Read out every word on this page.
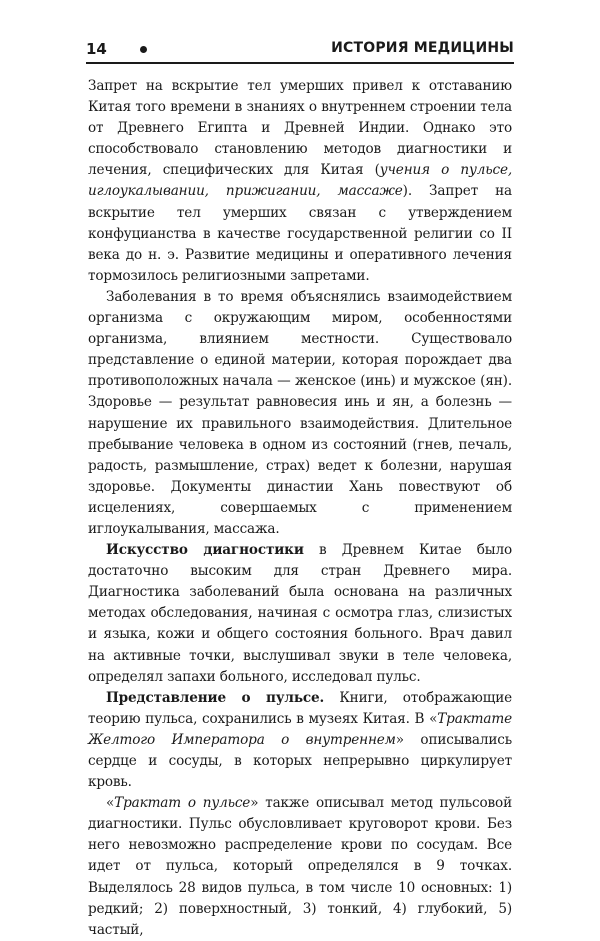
14	ИСТОРИЯ МЕДИЦИНЫ

Запрет на вскрытие тел умерших привел к отставанию Китая того времени в знаниях о внутреннем строении тела от Древнего Египта и Древней Индии. Однако это способствовало становлению методов диагностики и лечения, специфических для Китая (учения о пульсе, иглоукалывании, прижигании, массаже). Запрет на вскрытие тел умерших связан с утверждением конфуцианства в качестве государственной религии со II века до н. э. Развитие медицины и оперативного лечения тормозилось религиозными запретами.

Заболевания в то время объяснялись взаимодействием организма с окружающим миром, особенностями организма, влиянием местности. Существовало представление о единой материи, которая порождает два противоположных начала — женское (инь) и мужское (ян). Здоровье — результат равновесия инь и ян, а болезнь — нарушение их правильного взаимодействия. Длительное пребывание человека в одном из состояний (гнев, печаль, радость, размышление, страх) ведет к болезни, нарушая здоровье. Документы династии Хань повествуют об исцелениях, совершаемых с применением иглоукалывания, массажа.

Искусство диагностики в Древнем Китае было достаточно высоким для стран Древнего мира. Диагностика заболеваний была основана на различных методах обследования, начиная с осмотра глаз, слизистых и языка, кожи и общего состояния больного. Врач давил на активные точки, выслушивал звуки в теле человека, определял запахи больного, исследовал пульс.

Представление о пульсе. Книги, отображающие теорию пульса, сохранились в музеях Китая. В «Трактате Желтого Императора о внутреннем» описывались сердце и сосуды, в которых непрерывно циркулирует кровь.

«Трактат о пульсе» также описывал метод пульсовой диагностики. Пульс обусловливает круговорот крови. Без него невозможно распределение крови по сосудам. Все идет от пульса, который определялся в 9 точках. Выделялось 28 видов пульса, в том числе 10 основных: 1) редкий; 2) поверхностный, 3) тонкий, 4) глубокий, 5) частый,
